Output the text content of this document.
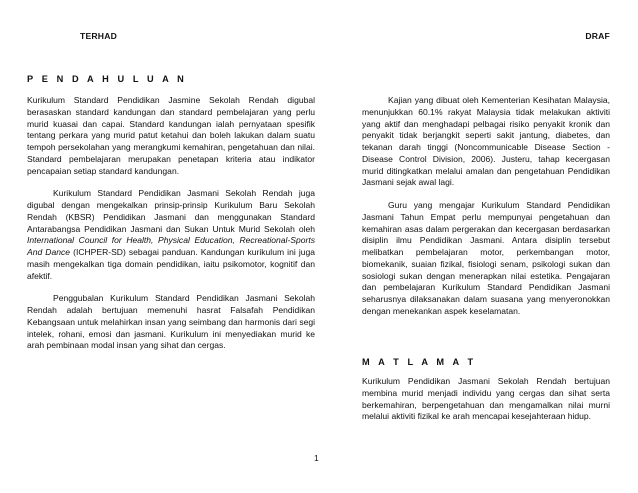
TERHAD	DRAF
P E N D A H U L U A N

Kurikulum Standard Pendidikan Jasmine Sekolah Rendah digubal berasaskan standard kandungan dan standard pembelajaran yang perlu murid kuasai dan capai. Standard kandungan ialah pernyataan spesifik tentang perkara yang murid patut ketahui dan boleh lakukan dalam suatu tempoh persekolahan yang merangkumi kemahiran, pengetahuan dan nilai. Standard pembelajaran merupakan penetapan kriteria atau indikator pencapaian setiap standard kandungan.

Kurikulum Standard Pendidikan Jasmani Sekolah Rendah juga digubal dengan mengekalkan prinsip-prinsip Kurikulum Baru Sekolah Rendah (KBSR) Pendidikan Jasmani dan menggunakan Standard Antarabangsa Pendidikan Jasmani dan Sukan Untuk Murid Sekolah oleh International Council for Health, Physical Education, Recreational-Sports And Dance (ICHPER-SD) sebagai panduan. Kandungan kurikulum ini juga masih mengekalkan tiga domain pendidikan, iaitu psikomotor, kognitif dan afektif.

Penggubalan Kurikulum Standard Pendidikan Jasmani Sekolah Rendah adalah bertujuan memenuhi hasrat Falsafah Pendidikan Kebangsaan untuk melahirkan insan yang seimbang dan harmonis dari segi intelek, rohani, emosi dan jasmani. Kurikulum ini menyediakan murid ke arah pembinaan modal insan yang sihat dan cergas.

Kajian yang dibuat oleh Kementerian Kesihatan Malaysia, menunjukkan 60.1% rakyat Malaysia tidak melakukan aktiviti yang aktif dan menghadapi pelbagai risiko penyakit kronik dan penyakit tidak berjangkit seperti sakit jantung, diabetes, dan tekanan darah tinggi (Noncommunicable Disease Section - Disease Control Division, 2006). Justeru, tahap kecergasan murid ditingkatkan melalui amalan dan pengetahuan Pendidikan Jasmani sejak awal lagi.

Guru yang mengajar Kurikulum Standard Pendidikan Jasmani Tahun Empat perlu mempunyai pengetahuan dan kemahiran asas dalam pergerakan dan kecergasan berdasarkan disiplin ilmu Pendidikan Jasmani. Antara disiplin tersebut melibatkan pembelajaran motor, perkembangan motor, biomekanik, suaian fizikal, fisiologi senam, psikologi sukan dan sosiologi sukan dengan menerapkan nilai estetika. Pengajaran dan pembelajaran Kurikulum Standard Pendidikan Jasmani seharusnya dilaksanakan dalam suasana yang menyeronokkan dengan menekankan aspek keselamatan.

M A T L A M A T

Kurikulum Pendidikan Jasmani Sekolah Rendah bertujuan membina murid menjadi individu yang cergas dan sihat serta berkemahiran, berpengetahuan dan mengamalkan nilai murni melalui aktiviti fizikal ke arah mencapai kesejahteraan hidup.

1
